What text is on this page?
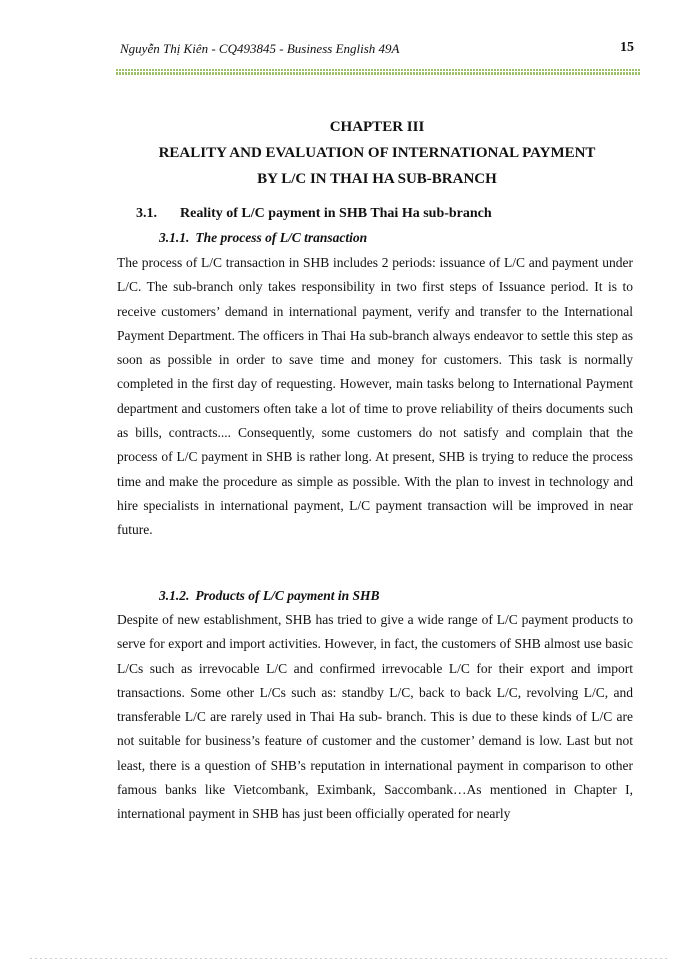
Nguyễn Thị Kiên - CQ493845 - Business English 49A	15
CHAPTER III
REALITY AND EVALUATION OF INTERNATIONAL PAYMENT
BY L/C IN THAI HA SUB-BRANCH
3.1. Reality of L/C payment in SHB Thai Ha sub-branch
3.1.1. The process of L/C transaction
The process of L/C transaction in SHB includes 2 periods: issuance of L/C and payment under L/C. The sub-branch only takes responsibility in two first steps of Issuance period. It is to receive customers’ demand in international payment, verify and transfer to the International Payment Department. The officers in Thai Ha sub-branch always endeavor to settle this step as soon as possible in order to save time and money for customers. This task is normally completed in the first day of requesting. However, main tasks belong to International Payment department and customers often take a lot of time to prove reliability of theirs documents such as bills, contracts.... Consequently, some customers do not satisfy and complain that the process of L/C payment in SHB is rather long. At present, SHB is trying to reduce the process time and make the procedure as simple as possible. With the plan to invest in technology and hire specialists in international payment, L/C payment transaction will be improved in near future.
3.1.2. Products of L/C payment in SHB
Despite of new establishment, SHB has tried to give a wide range of L/C payment products to serve for export and import activities. However, in fact, the customers of SHB almost use basic L/Cs such as irrevocable L/C and confirmed irrevocable L/C for their export and import transactions. Some other L/Cs such as: standby L/C, back to back L/C, revolving L/C, and transferable L/C are rarely used in Thai Ha sub- branch. This is due to these kinds of L/C are not suitable for business’s feature of customer and the customer’ demand is low. Last but not least, there is a question of SHB’s reputation in international payment in comparison to other famous banks like Vietcombank, Eximbank, Saccombank…As mentioned in Chapter I, international payment in SHB has just been officially operated for nearly
